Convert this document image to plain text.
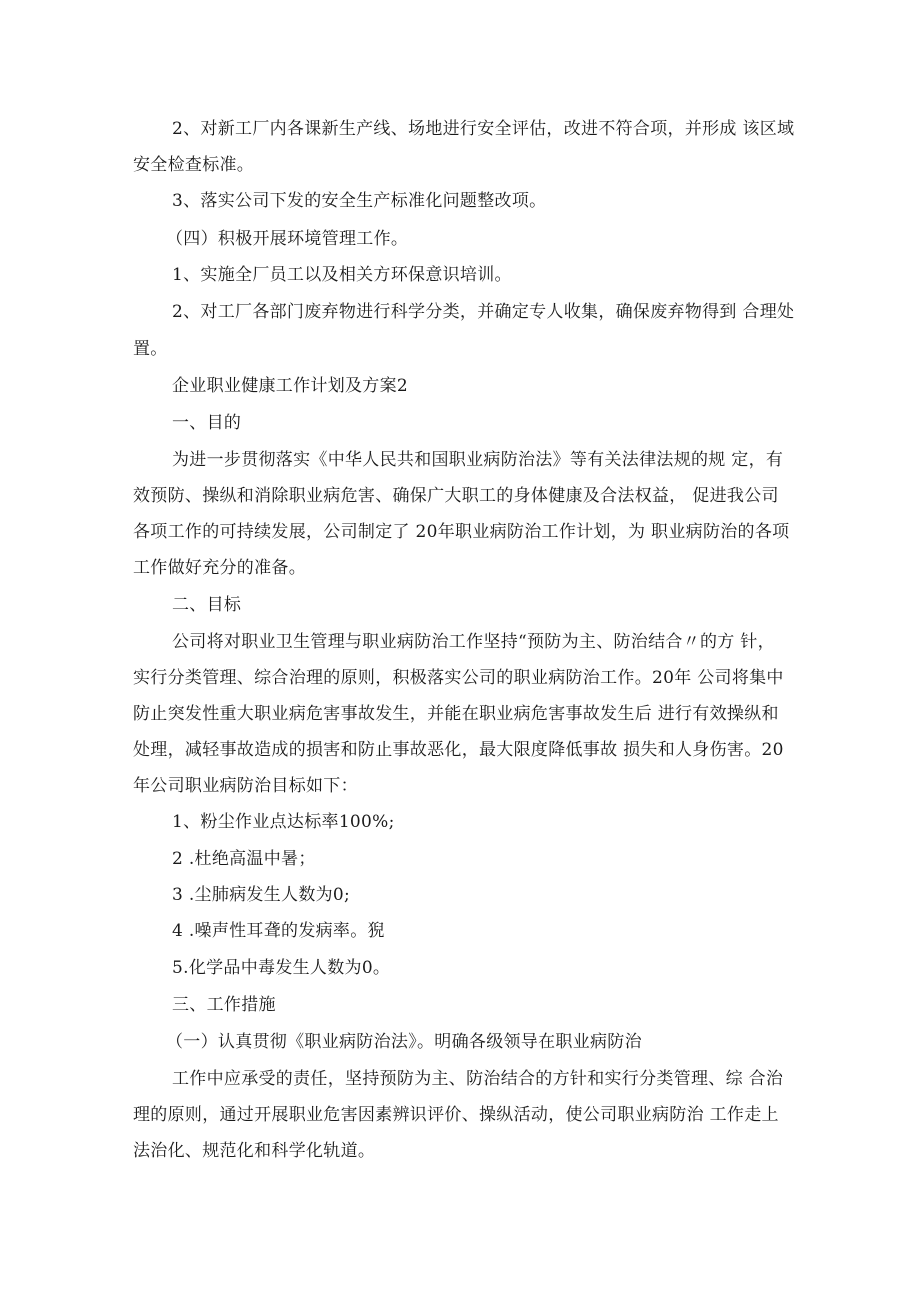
2、对新工厂内各课新生产线、场地进行安全评估，改进不符合项，并形成 该区域
安全检查标准。
3、落实公司下发的安全生产标准化问题整改项。
（四）积极开展环境管理工作。
1、实施全厂员工以及相关方环保意识培训。
2、对工厂各部门废弃物进行科学分类，并确定专人收集，确保废弃物得到 合理处
置。
企业职业健康工作计划及方案2
一、目的
为进一步贯彻落实《中华人民共和国职业病防治法》等有关法律法规的规 定，有
效预防、操纵和消除职业病危害、确保广大职工的身体健康及合法权益， 促进我公司
各项工作的可持续发展，公司制定了 20年职业病防治工作计划，为 职业病防治的各项
工作做好充分的准备。
二、目标
公司将对职业卫生管理与职业病防治工作坚持“预防为主、防治结合〃的方 针，
实行分类管理、综合治理的原则，积极落实公司的职业病防治工作。20年 公司将集中
防止突发性重大职业病危害事故发生，并能在职业病危害事故发生后 进行有效操纵和
处理，减轻事故造成的损害和防止事故恶化，最大限度降低事故 损失和人身伤害。20
年公司职业病防治目标如下：
1、粉尘作业点达标率100%;
2 .杜绝高温中暑；
3 .尘肺病发生人数为0;
4 .噪声性耳聋的发病率。猊
5.化学品中毒发生人数为0。
三、工作措施
（一）认真贯彻《职业病防治法》。明确各级领导在职业病防治
工作中应承受的责任，坚持预防为主、防治结合的方针和实行分类管理、综 合治
理的原则，通过开展职业危害因素辨识评价、操纵活动，使公司职业病防治 工作走上
法治化、规范化和科学化轨道。
